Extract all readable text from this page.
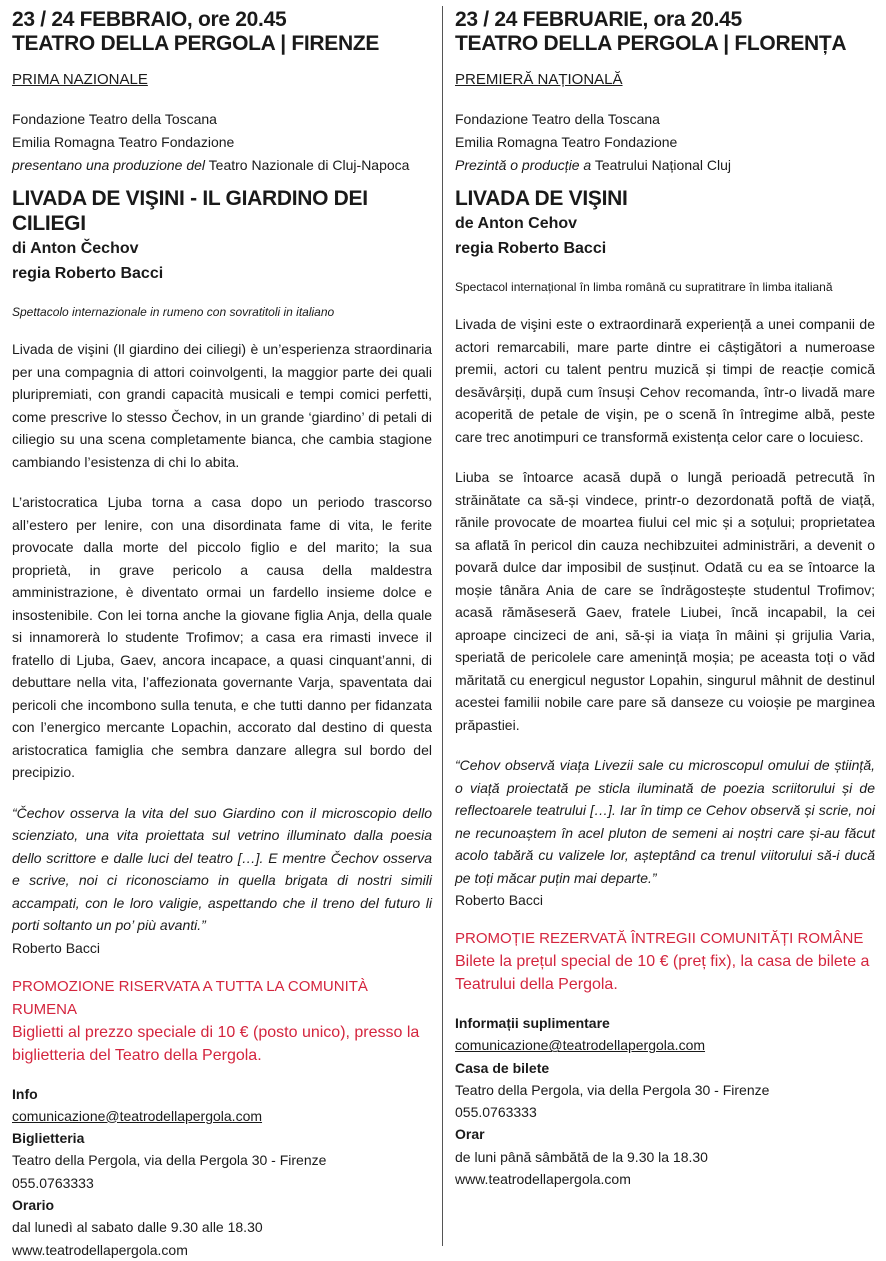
23 / 24 FEBBRAIO, ore 20.45
TEATRO DELLA PERGOLA | FIRENZE
PRIMA NAZIONALE
Fondazione Teatro della Toscana
Emilia Romagna Teatro Fondazione
presentano una produzione del Teatro Nazionale di Cluj-Napoca
LIVADA DE VIŞINI - IL GIARDINO DEI CILIEGI
di Anton Čechov
regia Roberto Bacci
Spettacolo internazionale in rumeno con sovratitoli in italiano
Livada de vişini (Il giardino dei ciliegi) è un’esperienza straordinaria per una compagnia di attori coinvolgenti, la maggior parte dei quali pluripremiati, con grandi capacità musicali e tempi comici perfetti, come prescrive lo stesso Čechov, in un grande ‘giardino’ di petali di ciliegio su una scena completamente bianca, che cambia stagione cambiando l’esistenza di chi lo abita.
L’aristocratica Ljuba torna a casa dopo un periodo trascorso all’estero per lenire, con una disordinata fame di vita, le ferite provocate dalla morte del piccolo figlio e del marito; la sua proprietà, in grave pericolo a causa della maldestra amministrazione, è diventato ormai un fardello insieme dolce e insostenibile. Con lei torna anche la giovane figlia Anja, della quale si innamorerà lo studente Trofimov; a casa era rimasti invece il fratello di Ljuba, Gaev, ancora incapace, a quasi cinquant’anni, di debuttare nella vita, l’affezionata governante Varja, spaventata dai pericoli che incombono sulla tenuta, e che tutti danno per fidanzata con l’energico mercante Lopachin, accorato dal destino di questa aristocratica famiglia che sembra danzare allegra sul bordo del precipizio.
“Čechov osserva la vita del suo Giardino con il microscopio dello scienziato, una vita proiettata sul vetrino illuminato dalla poesia dello scrittore e dalle luci del teatro […]. E mentre Čechov osserva e scrive, noi ci riconosciamo in quella brigata di nostri simili accampati, con le loro valigie, aspettando che il treno del futuro li porti soltanto un po’ più avanti.”
Roberto Bacci
PROMOZIONE RISERVATA A TUTTA LA COMUNITÀ RUMENA
Biglietti al prezzo speciale di 10 € (posto unico), presso la biglietteria del Teatro della Pergola.
Info
comunicazione@teatrodellapergola.com
Biglietteria
Teatro della Pergola, via della Pergola 30 - Firenze
055.0763333
Orario
dal lunedì al sabato dalle 9.30 alle 18.30
www.teatrodellapergola.com
23 / 24 FEBRUARIE, ora 20.45
TEATRO DELLA PERGOLA | FLORENȚA
PREMIERĂ NAȚIONALĂ
Fondazione Teatro della Toscana
Emilia Romagna Teatro Fondazione
Prezintă o producție a Teatrului Național Cluj
LIVADA DE VIŞINI
de Anton Cehov
regia Roberto Bacci
Spectacol internațional în limba română cu supratitrare în limba italiană
Livada de vişini este o extraordinară experiență a unei companii de actori remarcabili, mare parte dintre ei câștigători a numeroase premii, actori cu talent pentru muzică și timpi de reacție comică desăvârșiți, după cum însuși Cehov recomanda, într-o livadă mare acoperită de petale de vişin, pe o scenă în întregime albă, peste care trec anotimpuri ce transformă existența celor care o locuiesc.
Liuba se întoarce acasă după o lungă perioadă petrecută în străinătate ca să-și vindece, printr-o dezordonată poftă de viață, rănile provocate de moartea fiului cel mic și a soțului; proprietatea sa aflată în pericol din cauza nechibzuitei administrări, a devenit o povară dulce dar imposibil de susținut. Odată cu ea se întoarce la moșie tânăra Ania de care se îndrăgostește studentul Trofimov; acasă rămăseseră Gaev, fratele Liubei, încă incapabil, la cei aproape cincizeci de ani, să-și ia viața în mâini și grijulia Varia, speriată de pericolele care amenință moșia; pe aceasta toți o văd măritată cu energicul negustor Lopahin, singurul mâhnit de destinul acestei familii nobile care pare să danseze cu voioșie pe marginea prăpastiei.
“Cehov observă viața Livezii sale cu microscopul omului de știință, o viață proiectată pe sticla iluminată de poezia scriitorului și de reflectoarele teatrului […]. Iar în timp ce Cehov observă și scrie, noi ne recunoaștem în acel pluton de semeni ai noștri care și-au făcut acolo tabără cu valizele lor, așteptând ca trenul viitorului să-i ducă pe toți măcar puțin mai departe.”
Roberto Bacci
PROMOȚIE REZERVATĂ ÎNTREGII COMUNITĂȚI ROMÂNE
Bilete la prețul special de 10 € (preț fix), la casa de bilete a Teatrului della Pergola.
Informații suplimentare
comunicazione@teatrodellapergola.com
Casa de bilete
Teatro della Pergola, via della Pergola 30 - Firenze
055.0763333
Orar
de luni până sâmbătă de la 9.30 la 18.30
www.teatrodellapergola.com
